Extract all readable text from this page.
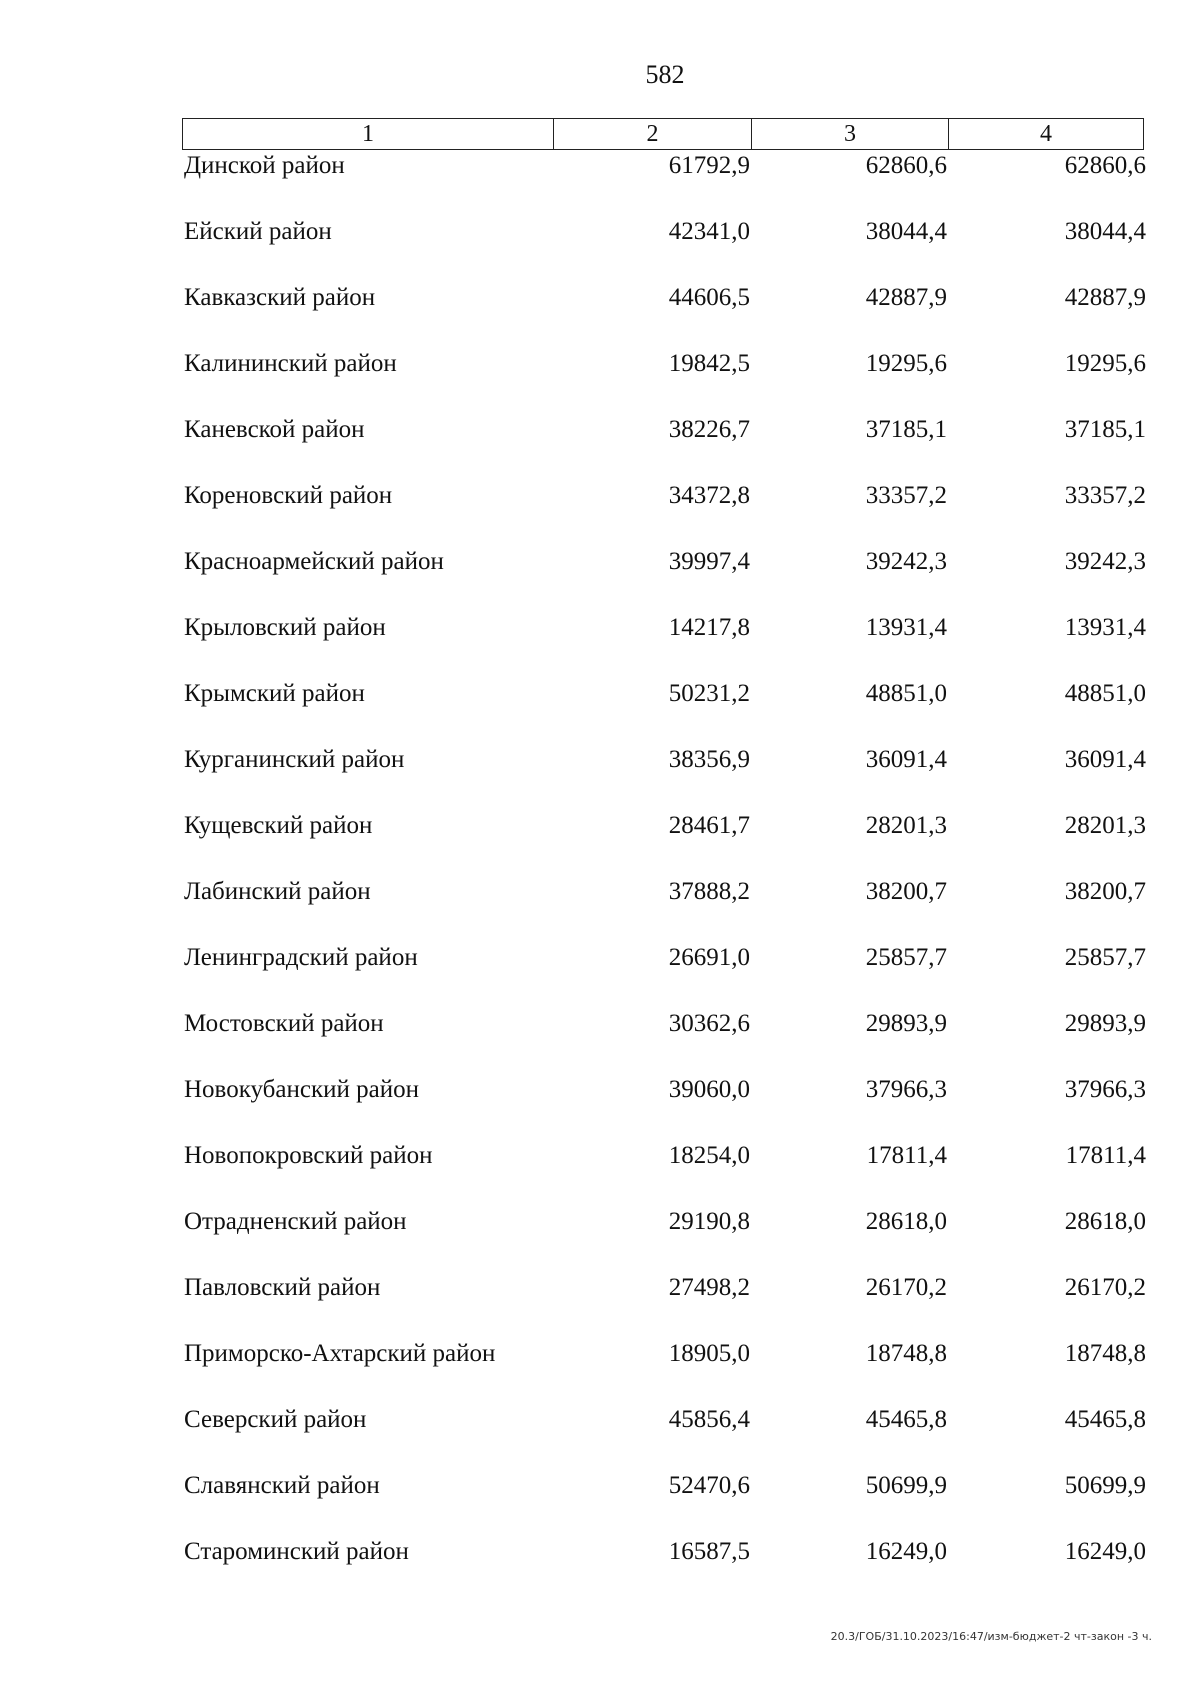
582
1	2	3	4
Динской район	61792,9	62860,6	62860,6
Ейский район	42341,0	38044,4	38044,4
Кавказский район	44606,5	42887,9	42887,9
Калининский район	19842,5	19295,6	19295,6
Каневской район	38226,7	37185,1	37185,1
Кореновский район	34372,8	33357,2	33357,2
Красноармейский район	39997,4	39242,3	39242,3
Крыловский район	14217,8	13931,4	13931,4
Крымский район	50231,2	48851,0	48851,0
Курганинский район	38356,9	36091,4	36091,4
Кущевский район	28461,7	28201,3	28201,3
Лабинский район	37888,2	38200,7	38200,7
Ленинградский район	26691,0	25857,7	25857,7
Мостовский район	30362,6	29893,9	29893,9
Новокубанский район	39060,0	37966,3	37966,3
Новопокровский район	18254,0	17811,4	17811,4
Отрадненский район	29190,8	28618,0	28618,0
Павловский район	27498,2	26170,2	26170,2
Приморско-Ахтарский район	18905,0	18748,8	18748,8
Северский район	45856,4	45465,8	45465,8
Славянский район	52470,6	50699,9	50699,9
Староминский район	16587,5	16249,0	16249,0
20.3/ГОБ/31.10.2023/16:47/изм-бюджет-2 чт-закон -3 ч.
